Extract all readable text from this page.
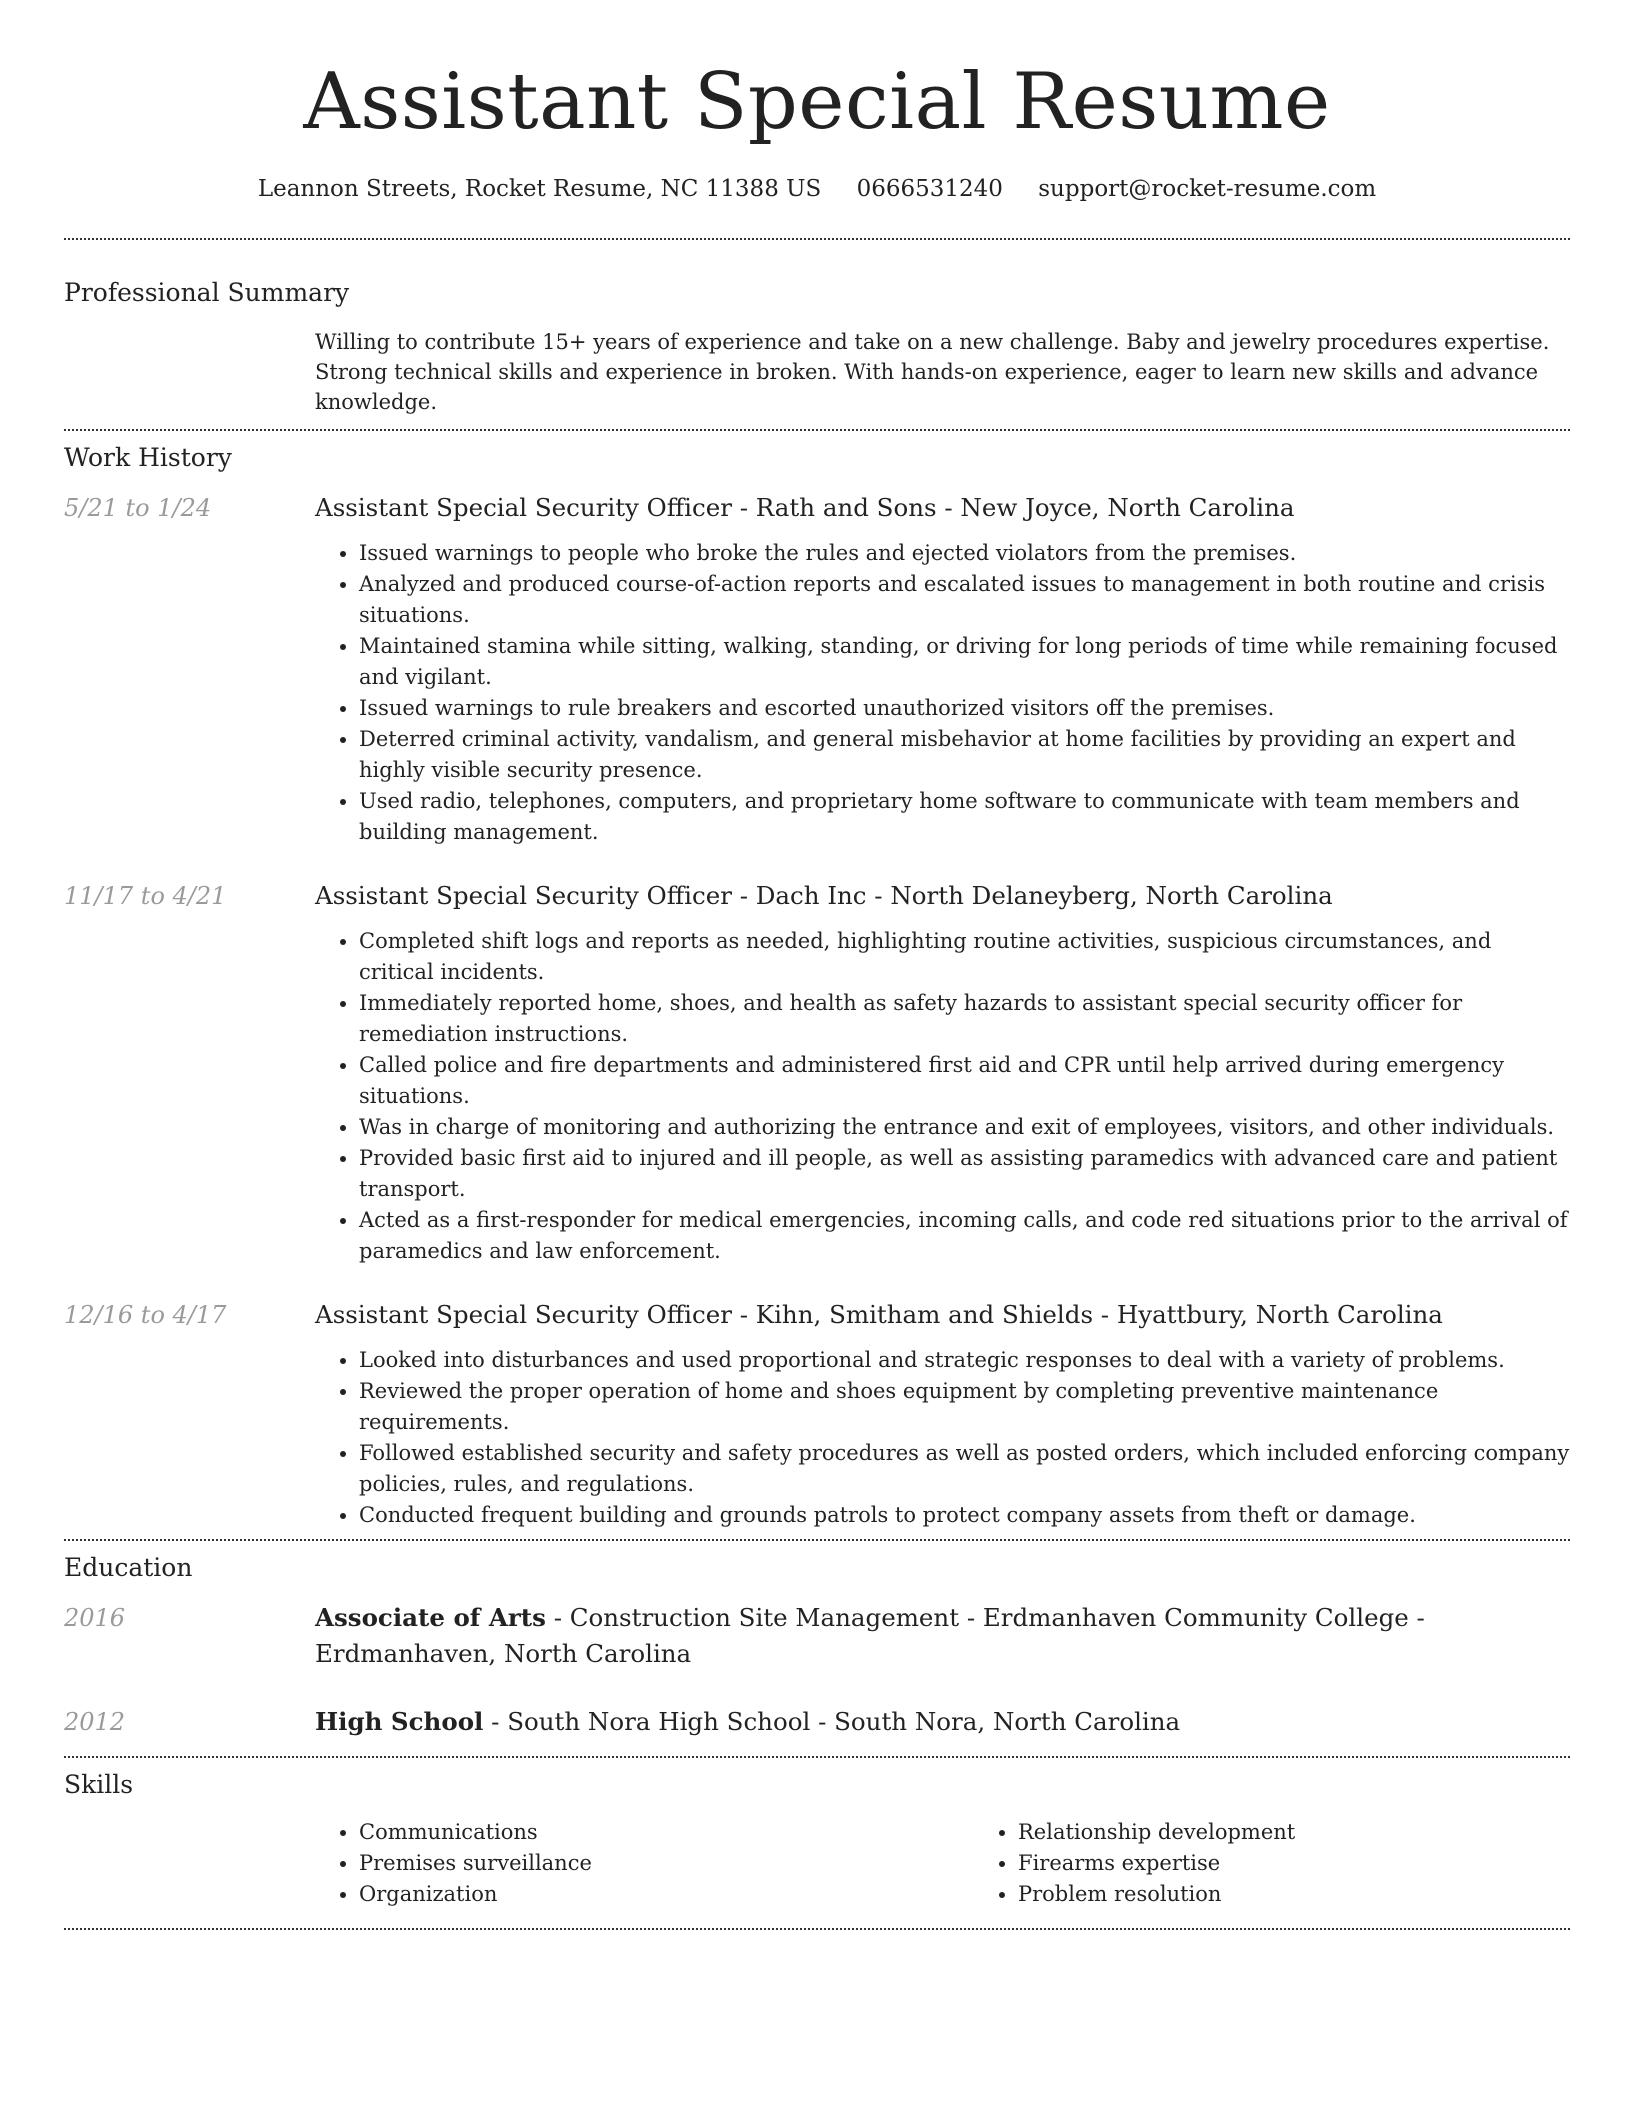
Assistant Special Resume
Leannon Streets, Rocket Resume, NC 11388 US 0666531240 support@rocket-resume.com
Professional Summary
Willing to contribute 15+ years of experience and take on a new challenge. Baby and jewelry procedures expertise. Strong technical skills and experience in broken. With hands-on experience, eager to learn new skills and advance knowledge.
Work History
5/21 to 1/24	Assistant Special Security Officer - Rath and Sons - New Joyce, North Carolina
• Issued warnings to people who broke the rules and ejected violators from the premises.
• Analyzed and produced course-of-action reports and escalated issues to management in both routine and crisis situations.
• Maintained stamina while sitting, walking, standing, or driving for long periods of time while remaining focused and vigilant.
• Issued warnings to rule breakers and escorted unauthorized visitors off the premises.
• Deterred criminal activity, vandalism, and general misbehavior at home facilities by providing an expert and highly visible security presence.
• Used radio, telephones, computers, and proprietary home software to communicate with team members and building management.
11/17 to 4/21	Assistant Special Security Officer - Dach Inc - North Delaneyberg, North Carolina
• Completed shift logs and reports as needed, highlighting routine activities, suspicious circumstances, and critical incidents.
• Immediately reported home, shoes, and health as safety hazards to assistant special security officer for remediation instructions.
• Called police and fire departments and administered first aid and CPR until help arrived during emergency situations.
• Was in charge of monitoring and authorizing the entrance and exit of employees, visitors, and other individuals.
• Provided basic first aid to injured and ill people, as well as assisting paramedics with advanced care and patient transport.
• Acted as a first-responder for medical emergencies, incoming calls, and code red situations prior to the arrival of paramedics and law enforcement.
12/16 to 4/17	Assistant Special Security Officer - Kihn, Smitham and Shields - Hyattbury, North Carolina
• Looked into disturbances and used proportional and strategic responses to deal with a variety of problems.
• Reviewed the proper operation of home and shoes equipment by completing preventive maintenance requirements.
• Followed established security and safety procedures as well as posted orders, which included enforcing company policies, rules, and regulations.
• Conducted frequent building and grounds patrols to protect company assets from theft or damage.
Education
2016	Associate of Arts - Construction Site Management - Erdmanhaven Community College - Erdmanhaven, North Carolina
2012	High School - South Nora High School - South Nora, North Carolina
Skills
• Communications
• Premises surveillance
• Organization
• Relationship development
• Firearms expertise
• Problem resolution
